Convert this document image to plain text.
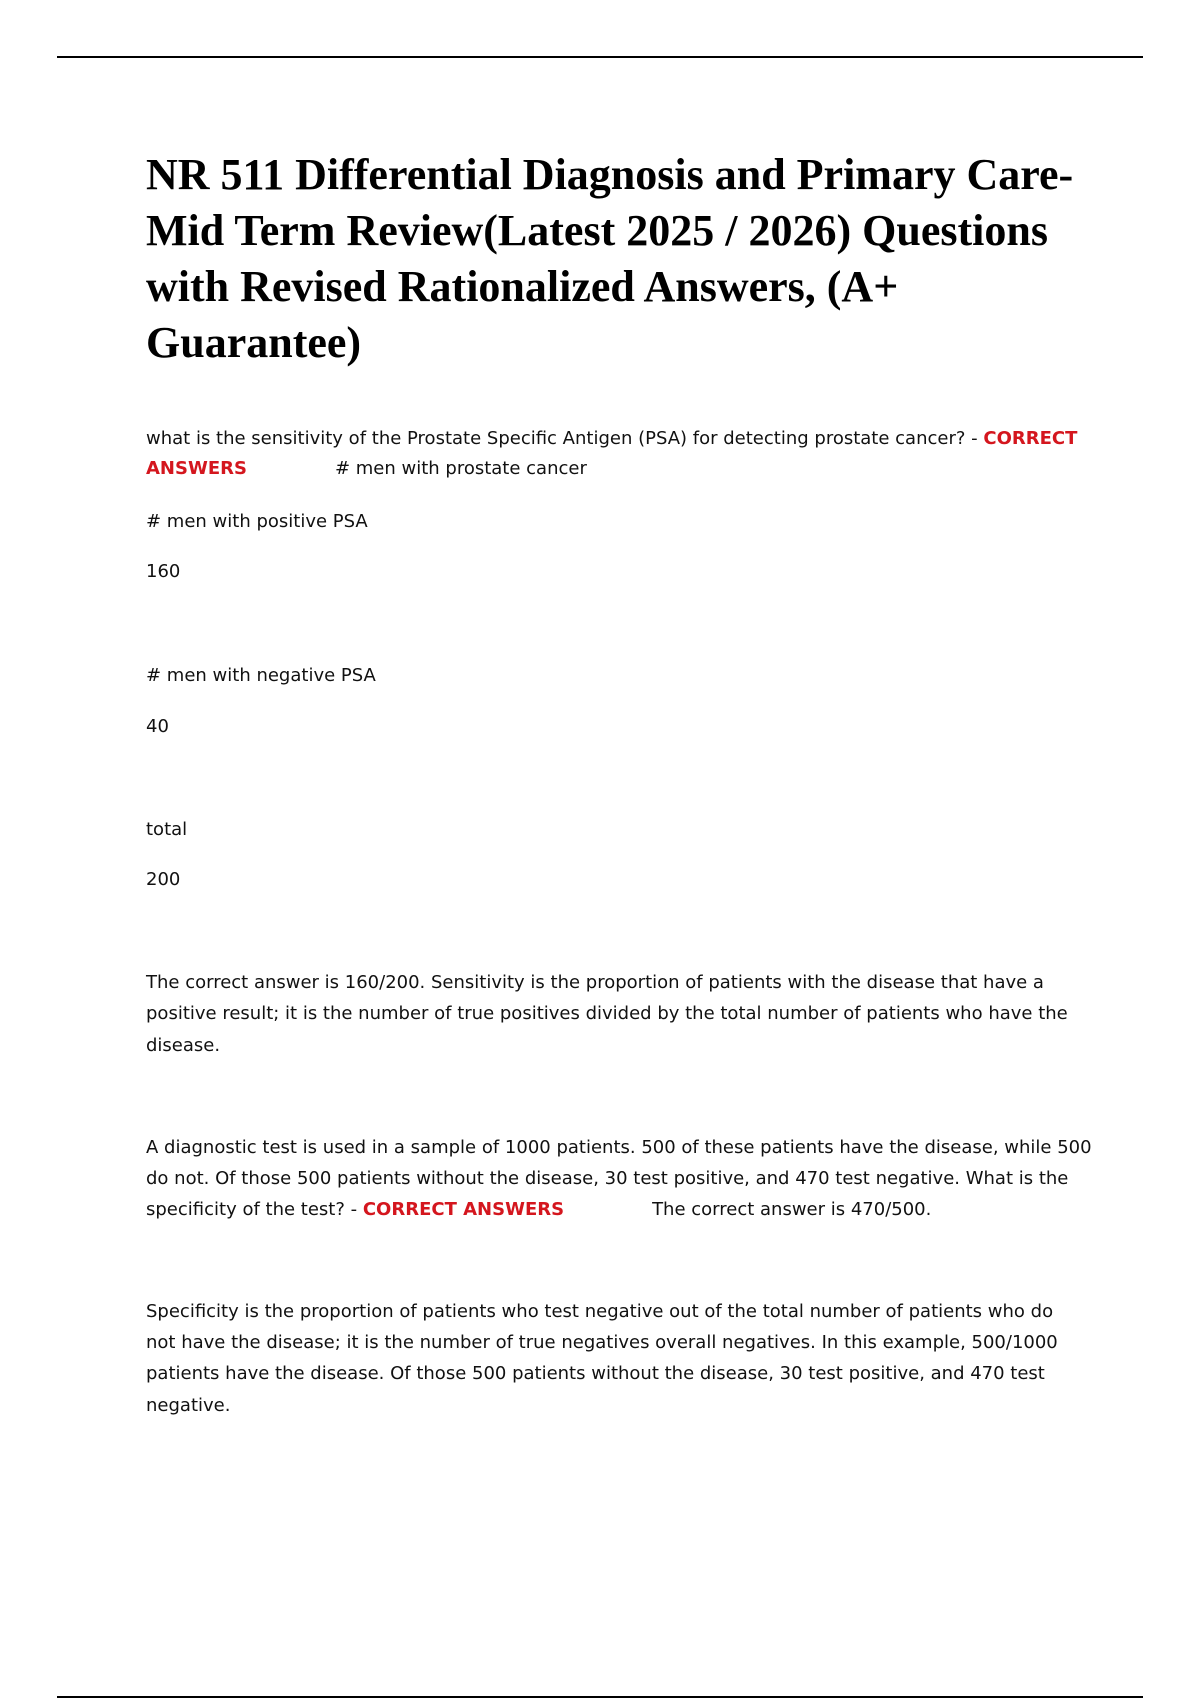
NR 511 Differential Diagnosis and Primary Care- Mid Term Review(Latest 2025 / 2026) Questions with Revised Rationalized Answers, (A+ Guarantee)

what is the sensitivity of the Prostate Specific Antigen (PSA) for detecting prostate cancer? - CORRECT

ANSWERS	# men with prostate cancer

# men with positive PSA

160

# men with negative PSA

40

total

200

The correct answer is 160/200. Sensitivity is the proportion of patients with the disease that have a

positive result; it is the number of true positives divided by the total number of patients who have the

disease.

A diagnostic test is used in a sample of 1000 patients. 500 of these patients have the disease, while 500

do not. Of those 500 patients without the disease, 30 test positive, and 470 test negative. What is the

specificity of the test? - CORRECT ANSWERS	The correct answer is 470/500.

Specificity is the proportion of patients who test negative out of the total number of patients who do

not have the disease; it is the number of true negatives overall negatives. In this example, 500/1000

patients have the disease. Of those 500 patients without the disease, 30 test positive, and 470 test

negative.
